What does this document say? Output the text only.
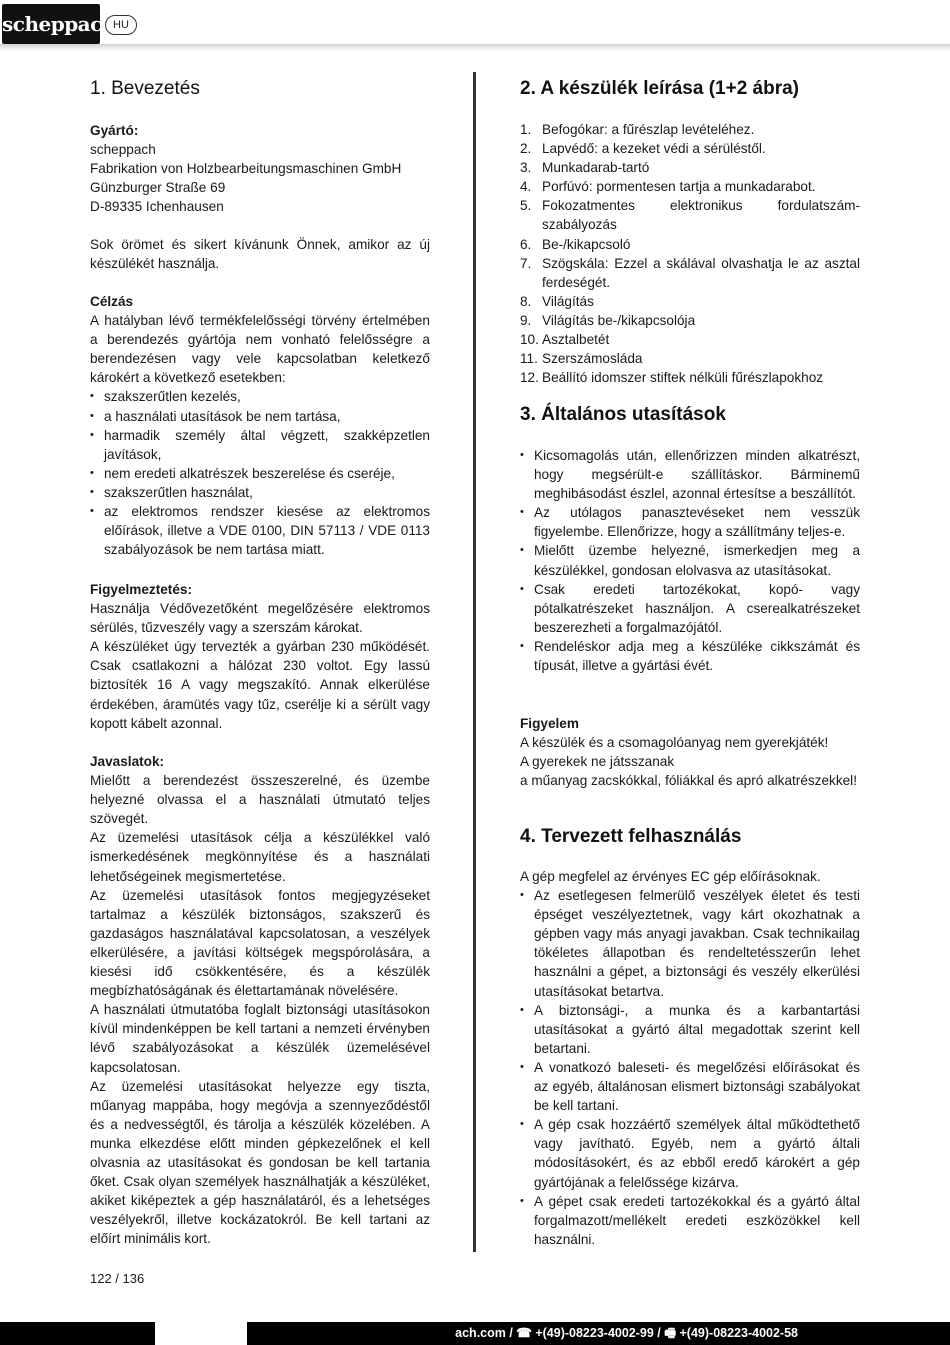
scheppach
HU
1. Bevezetés
Gyártó:
scheppach
Fabrikation von Holzbearbeitungsmaschinen GmbH
Günzburger Straße 69
D-89335 Ichenhausen

Sok örömet és sikert kívánunk Önnek, amikor az új készülékét használja.

Célzás

A hatályban lévő termékfelelősségi törvény értelmében a berendezés gyártója nem vonható felelősségre a berendezésen vagy vele kapcsolatban keletkező károkért a következő esetekben:

• szakszerűtlen kezelés,
• a használati utasítások be nem tartása,
• harmadik személy által végzett, szakképzetlen javítások,
• nem eredeti alkatrészek beszerelése és cseréje,
• szakszerűtlen használat,
• az elektromos rendszer kiesése az elektromos előírások, illetve a VDE 0100, DIN 57113 / VDE 0113 szabályozások be nem tartása miatt.
Figyelmeztetés:

Használja Védővezetőként megelőzésére elektromos sérülés, tűzveszély vagy a szerszám károkat.

A készüléket úgy tervezték a gyárban 230 működését. Csak csatlakozni a hálózat 230 voltot. Egy lassú biztosíték 16 A vagy megszakító. Annak elkerülése érdekében, áramütés vagy tűz, cserélje ki a sérült vagy kopott kábelt azonnal.

Javaslatok:

Mielőtt a berendezést összeszerelné, és üzembe helyezné olvassa el a használati útmutató teljes szövegét.

Az üzemelési utasítások célja a készülékkel való ismerkedésének megkönnyítése és a használati lehetőségeinek megismertetése.

Az üzemelési utasítások fontos megjegyzéseket tartalmaz a készülék biztonságos, szakszerű és gazdaságos használatával kapcsolatosan, a veszélyek elkerülésére, a javítási költségek megspórolására, a kiesési idő csökkentésére, és a készülék megbízhatóságának és élettartamának növelésére.

A használati útmutatóba foglalt biztonsági utasításokon kívül mindenképpen be kell tartani a nemzeti érvényben lévő szabályozásokat a készülék üzemelésével kapcsolatosan.

Az üzemelési utasításokat helyezze egy tiszta, műanyag mappába, hogy megóvja a szennyeződéstől és a nedvességtől, és tárolja a készülék közelében. A munka elkezdése előtt minden gépkezelőnek el kell olvasnia az utasításokat és gondosan be kell tartania őket. Csak olyan személyek használhatják a készüléket, akiket kiképeztek a gép használatáról, és a lehetséges veszélyekről, illetve kockázatokról. Be kell tartani az előírt minimális kort.

2. A készülék leírása (1+2 ábra)
1. Befogókar: a fűrészlap levételéhez.
2. Lapvédő: a kezeket védi a sérüléstől.
3. Munkadarab-tartó
4. Porfúvó: pormentesen tartja a munkadarabot.
5. Fokozatmentes elektronikus fordulatszám-szabályozás
6. Be-/kikapcsoló
7. Szögskála: Ezzel a skálával olvashatja le az asztal ferdeségét.
8. Világítás
9. Világítás be-/kikapcsolója
10. Asztalbetét
11. Szerszámosláda
12. Beállító idomszer stiftek nélküli fűrészlapokhoz
3. Általános utasítások
• Kicsomagolás után, ellenőrizzen minden alkatrészt, hogy megsérült-e szállításkor. Bárminemű meghibásodást észlel, azonnal értesítse a beszállítót.
• Az utólagos panasztevéseket nem vesszük figyelembe. Ellenőrizze, hogy a szállítmány teljes-e.
• Mielőtt üzembe helyezné, ismerkedjen meg a készülékkel, gondosan elolvasva az utasításokat.
• Csak eredeti tartozékokat, kopó- vagy pótalkatrészeket használjon. A cserealkatrészeket beszerezheti a forgalmazójától.
• Rendeléskor adja meg a készüléke cikkszámát és típusát, illetve a gyártási évét.
Figyelem
A készülék és a csomagolóanyag nem gyerekjáték!
A gyerekek ne játsszanak
a műanyag zacskókkal, fóliákkal és apró alkatrészekkel!
4. Tervezett felhasználás

A gép megfelel az érvényes EC gép előírásoknak.

• Az esetlegesen felmerülő veszélyek életet és testi épséget veszélyeztetnek, vagy kárt okozhatnak a gépben vagy más anyagi javakban. Csak technikailag tökéletes állapotban és rendeltetésszerűn lehet használni a gépet, a biztonsági és veszély elkerülési utasításokat betartva.
• A biztonsági-, a munka és a karbantartási utasításokat a gyártó által megadottak szerint kell betartani.
• A vonatkozó baleseti- és megelőzési előírásokat és az egyéb, általánosan elismert biztonsági szabályokat be kell tartani.
• A gép csak hozzáértő személyek által működtethető vagy javítható. Egyéb, nem a gyártó általi módosításokért, és az ebből eredő károkért a gép gyártójának a felelőssége kizárva.
• A gépet csak eredeti tartozékokkal és a gyártó által forgalmazott/mellékelt eredeti eszközökkel kell használni.
122 / 136
ach.com / ☎ +(49)-08223-4002-99 / 🖷 +(49)-08223-4002-58
